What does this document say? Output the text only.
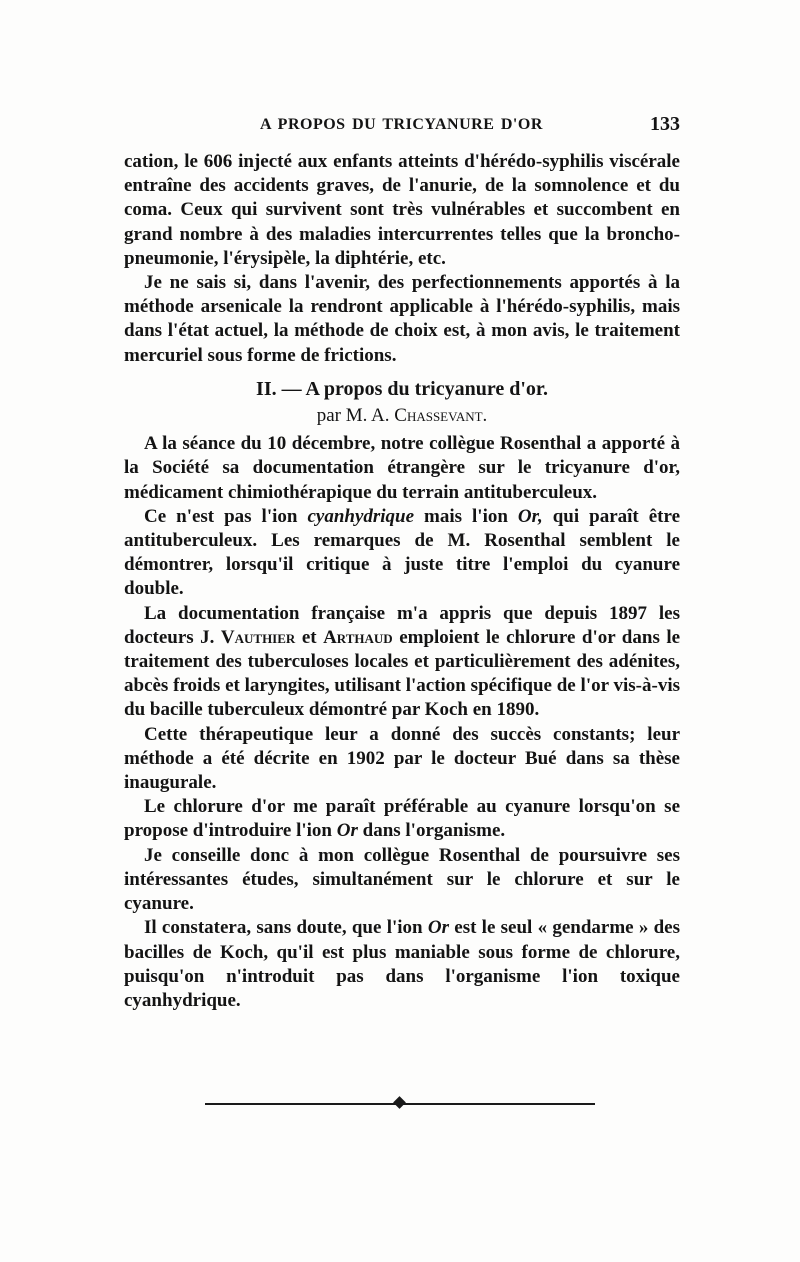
A PROPOS DU TRICYANURE D'OR	133

cation, le 606 injecté aux enfants atteints d'hérédo-syphilis viscérale entraîne des accidents graves, de l'anurie, de la somnolence et du coma. Ceux qui survivent sont très vulnérables et succombent en grand nombre à des maladies intercurrentes telles que la broncho-pneumonie, l'érysipèle, la diphtérie, etc.

Je ne sais si, dans l'avenir, des perfectionnements apportés à la méthode arsenicale la rendront applicable à l'hérédo-syphilis, mais dans l'état actuel, la méthode de choix est, à mon avis, le traitement mercuriel sous forme de frictions.

II. — A propos du tricyanure d'or.

par M. A. Chassevant.

A la séance du 10 décembre, notre collègue Rosenthal a apporté à la Société sa documentation étrangère sur le tricyanure d'or, médicament chimiothérapique du terrain antituberculeux.

Ce n'est pas l'ion cyanhydrique mais l'ion Or, qui paraît être antituberculeux. Les remarques de M. Rosenthal semblent le démontrer, lorsqu'il critique à juste titre l'emploi du cyanure double.

La documentation française m'a appris que depuis 1897 les docteurs J. Vauthier et Arthaud emploient le chlorure d'or dans le traitement des tuberculoses locales et particulièrement des adénites, abcès froids et laryngites, utilisant l'action spécifique de l'or vis-à-vis du bacille tuberculeux démontré par Koch en 1890.

Cette thérapeutique leur a donné des succès constants; leur méthode a été décrite en 1902 par le docteur Bué dans sa thèse inaugurale.

Le chlorure d'or me paraît préférable au cyanure lorsqu'on se propose d'introduire l'ion Or dans l'organisme.

Je conseille donc à mon collègue Rosenthal de poursuivre ses intéressantes études, simultanément sur le chlorure et sur le cyanure.

Il constatera, sans doute, que l'ion Or est le seul « gendarme » des bacilles de Koch, qu'il est plus maniable sous forme de chlorure, puisqu'on n'introduit pas dans l'organisme l'ion toxique cyanhydrique.
